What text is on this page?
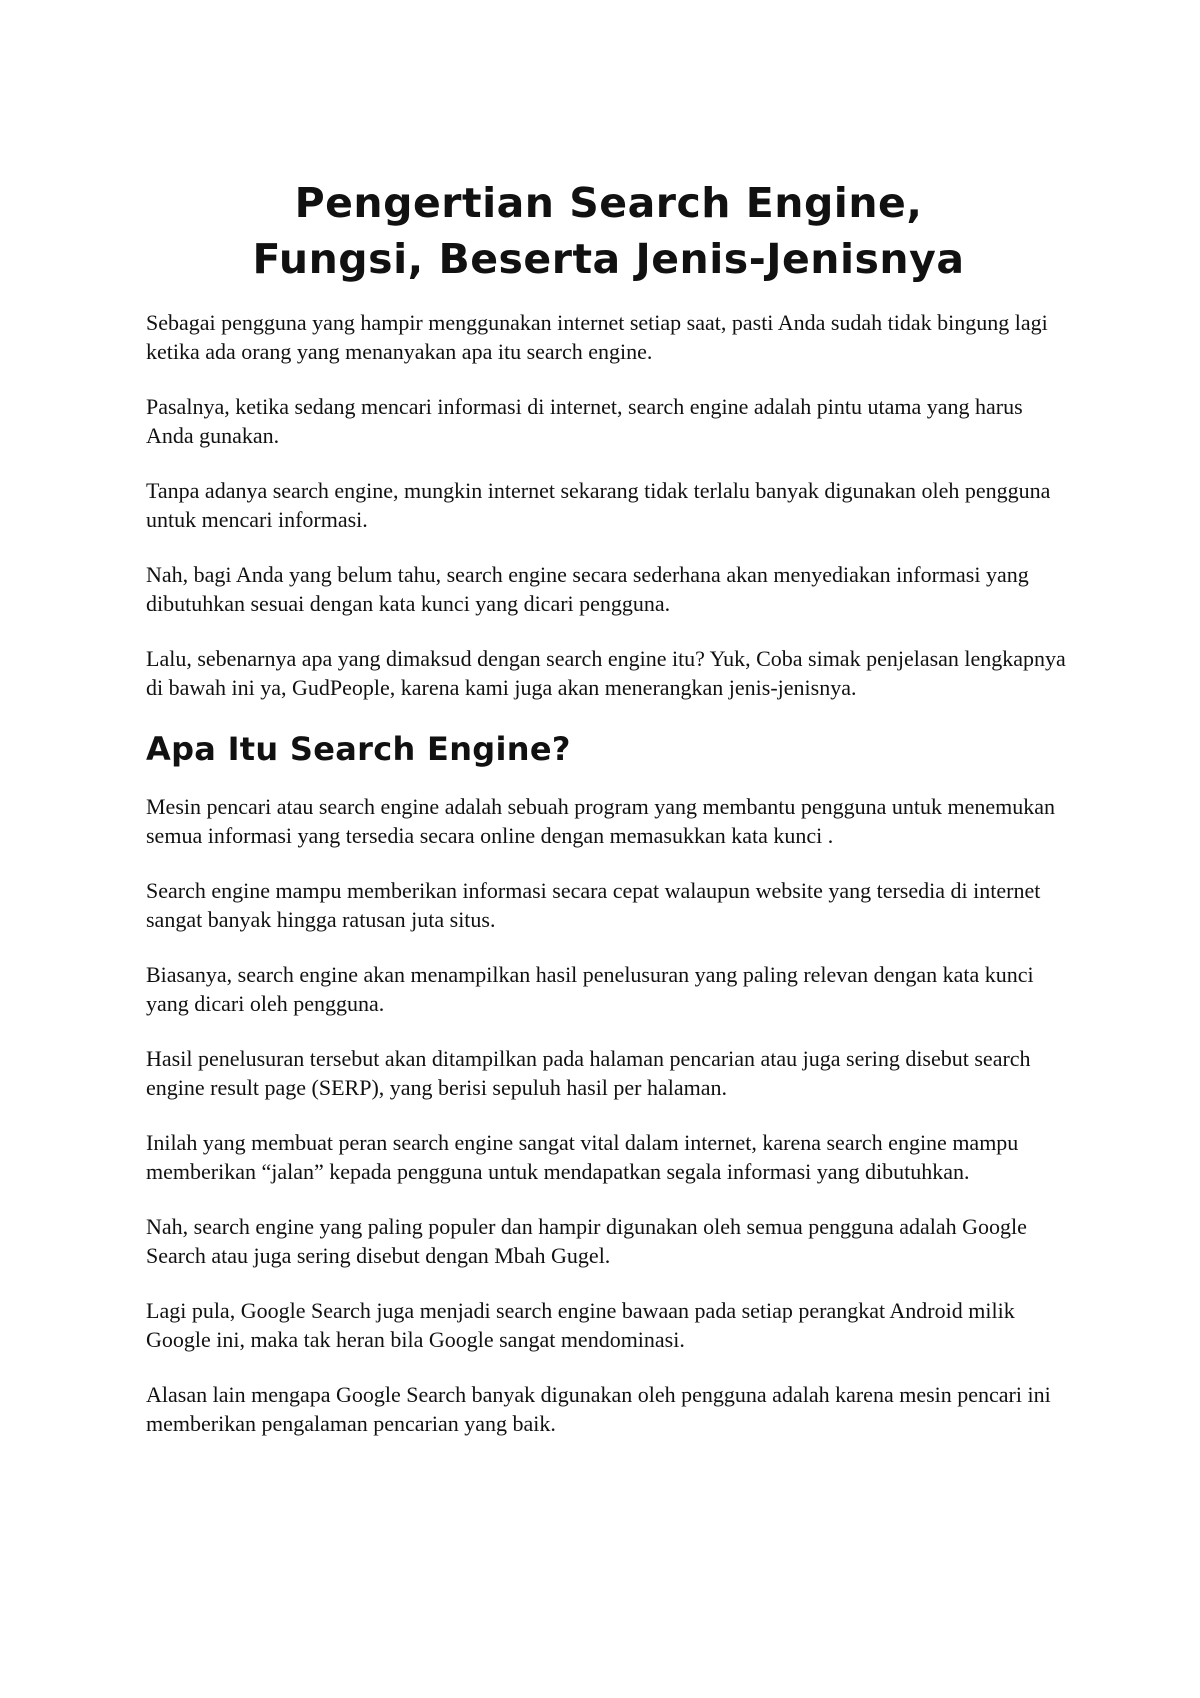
Pengertian Search Engine,
Fungsi, Beserta Jenis-Jenisnya

Sebagai pengguna yang hampir menggunakan internet setiap saat, pasti Anda sudah tidak bingung lagi ketika ada orang yang menanyakan apa itu search engine.

Pasalnya, ketika sedang mencari informasi di internet, search engine adalah pintu utama yang harus Anda gunakan.

Tanpa adanya search engine, mungkin internet sekarang tidak terlalu banyak digunakan oleh pengguna untuk mencari informasi.

Nah, bagi Anda yang belum tahu, search engine secara sederhana akan menyediakan informasi yang dibutuhkan sesuai dengan kata kunci yang dicari pengguna.

Lalu, sebenarnya apa yang dimaksud dengan search engine itu? Yuk, Coba simak penjelasan lengkapnya di bawah ini ya, GudPeople, karena kami juga akan menerangkan jenis-jenisnya.

Apa Itu Search Engine?

Mesin pencari atau search engine adalah sebuah program yang membantu pengguna untuk menemukan semua informasi yang tersedia secara online dengan memasukkan kata kunci .

Search engine mampu memberikan informasi secara cepat walaupun website yang tersedia di internet sangat banyak hingga ratusan juta situs.

Biasanya, search engine akan menampilkan hasil penelusuran yang paling relevan dengan kata kunci yang dicari oleh pengguna.

Hasil penelusuran tersebut akan ditampilkan pada halaman pencarian atau juga sering disebut search engine result page (SERP), yang berisi sepuluh hasil per halaman.

Inilah yang membuat peran search engine sangat vital dalam internet, karena search engine mampu memberikan “jalan” kepada pengguna untuk mendapatkan segala informasi yang dibutuhkan.

Nah, search engine yang paling populer dan hampir digunakan oleh semua pengguna adalah Google Search atau juga sering disebut dengan Mbah Gugel.

Lagi pula, Google Search juga menjadi search engine bawaan pada setiap perangkat Android milik Google ini, maka tak heran bila Google sangat mendominasi.

Alasan lain mengapa Google Search banyak digunakan oleh pengguna adalah karena mesin pencari ini memberikan pengalaman pencarian yang baik.
